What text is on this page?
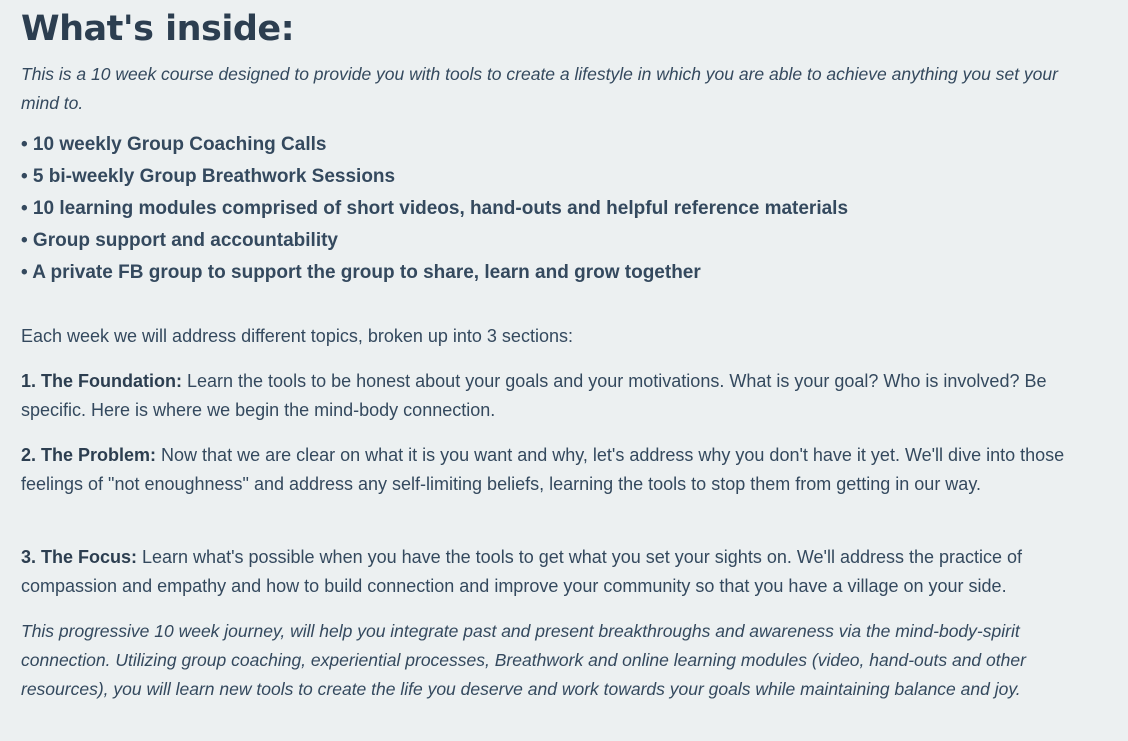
What's inside:

This is a 10 week course designed to provide you with tools to create a lifestyle in which you are able to achieve anything you set your mind to.

• 10 weekly Group Coaching Calls
• 5 bi-weekly Group Breathwork Sessions
• 10 learning modules comprised of short videos, hand-outs and helpful reference materials
• Group support and accountability
• A private FB group to support the group to share, learn and grow together

Each week we will address different topics, broken up into 3 sections:

1. The Foundation: Learn the tools to be honest about your goals and your motivations. What is your goal? Who is involved? Be specific. Here is where we begin the mind-body connection.

2. The Problem: Now that we are clear on what it is you want and why, let's address why you don't have it yet. We'll dive into those feelings of "not enoughness" and address any self-limiting beliefs, learning the tools to stop them from getting in our way.

3. The Focus: Learn what's possible when you have the tools to get what you set your sights on. We'll address the practice of compassion and empathy and how to build connection and improve your community so that you have a village on your side.

This progressive 10 week journey, will help you integrate past and present breakthroughs and awareness via the mind-body-spirit connection. Utilizing group coaching, experiential processes, Breathwork and online learning modules (video, hand-outs and other resources), you will learn new tools to create the life you deserve and work towards your goals while maintaining balance and joy.
